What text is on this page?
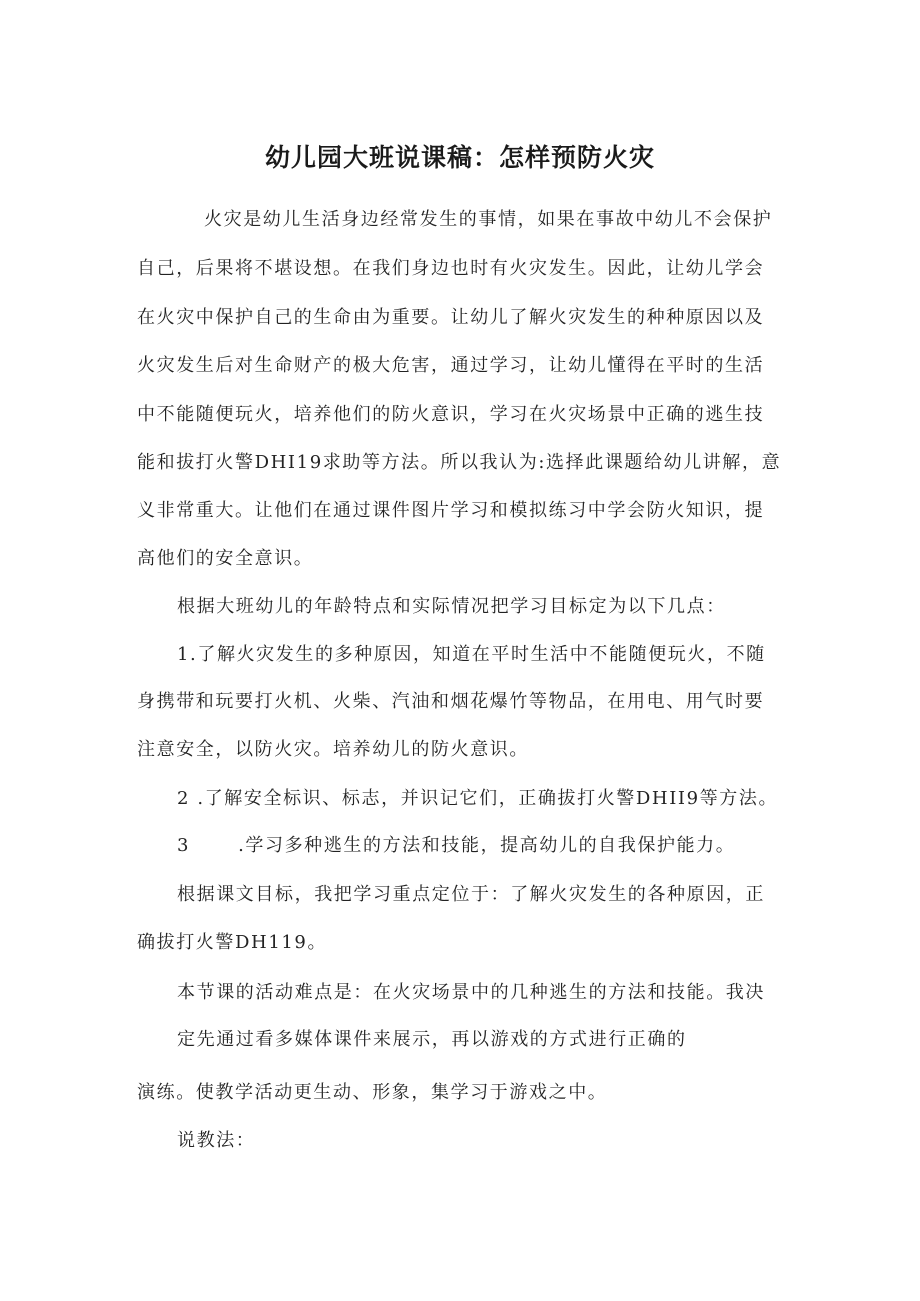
幼儿园大班说课稿：怎样预防火灾
火灾是幼儿生活身边经常发生的事情，如果在事故中幼儿不会保护
自己，后果将不堪设想。在我们身边也时有火灾发生。因此，让幼儿学会
在火灾中保护自己的生命由为重要。让幼儿了解火灾发生的种种原因以及
火灾发生后对生命财产的极大危害，通过学习，让幼儿懂得在平时的生活
中不能随便玩火，培养他们的防火意识，学习在火灾场景中正确的逃生技
能和拔打火警DHI19求助等方法。所以我认为:选择此课题给幼儿讲解，意
义非常重大。让他们在通过课件图片学习和模拟练习中学会防火知识，提
高他们的安全意识。
根据大班幼儿的年龄特点和实际情况把学习目标定为以下几点：
1.了解火灾发生的多种原因，知道在平时生活中不能随便玩火，不随
身携带和玩要打火机、火柴、汽油和烟花爆竹等物品，在用电、用气时要
注意安全，以防火灾。培养幼儿的防火意识。
2 .了解安全标识、标志，并识记它们，正确拔打火警DHII9等方法。
3	.学习多种逃生的方法和技能，提高幼儿的自我保护能力。
根据课文目标，我把学习重点定位于：了解火灾发生的各种原因，正
确拔打火警DH119。
本节课的活动难点是：在火灾场景中的几种逃生的方法和技能。我决
定先通过看多媒体课件来展示，再以游戏的方式进行正确的
演练。使教学活动更生动、形象，集学习于游戏之中。
说教法：
